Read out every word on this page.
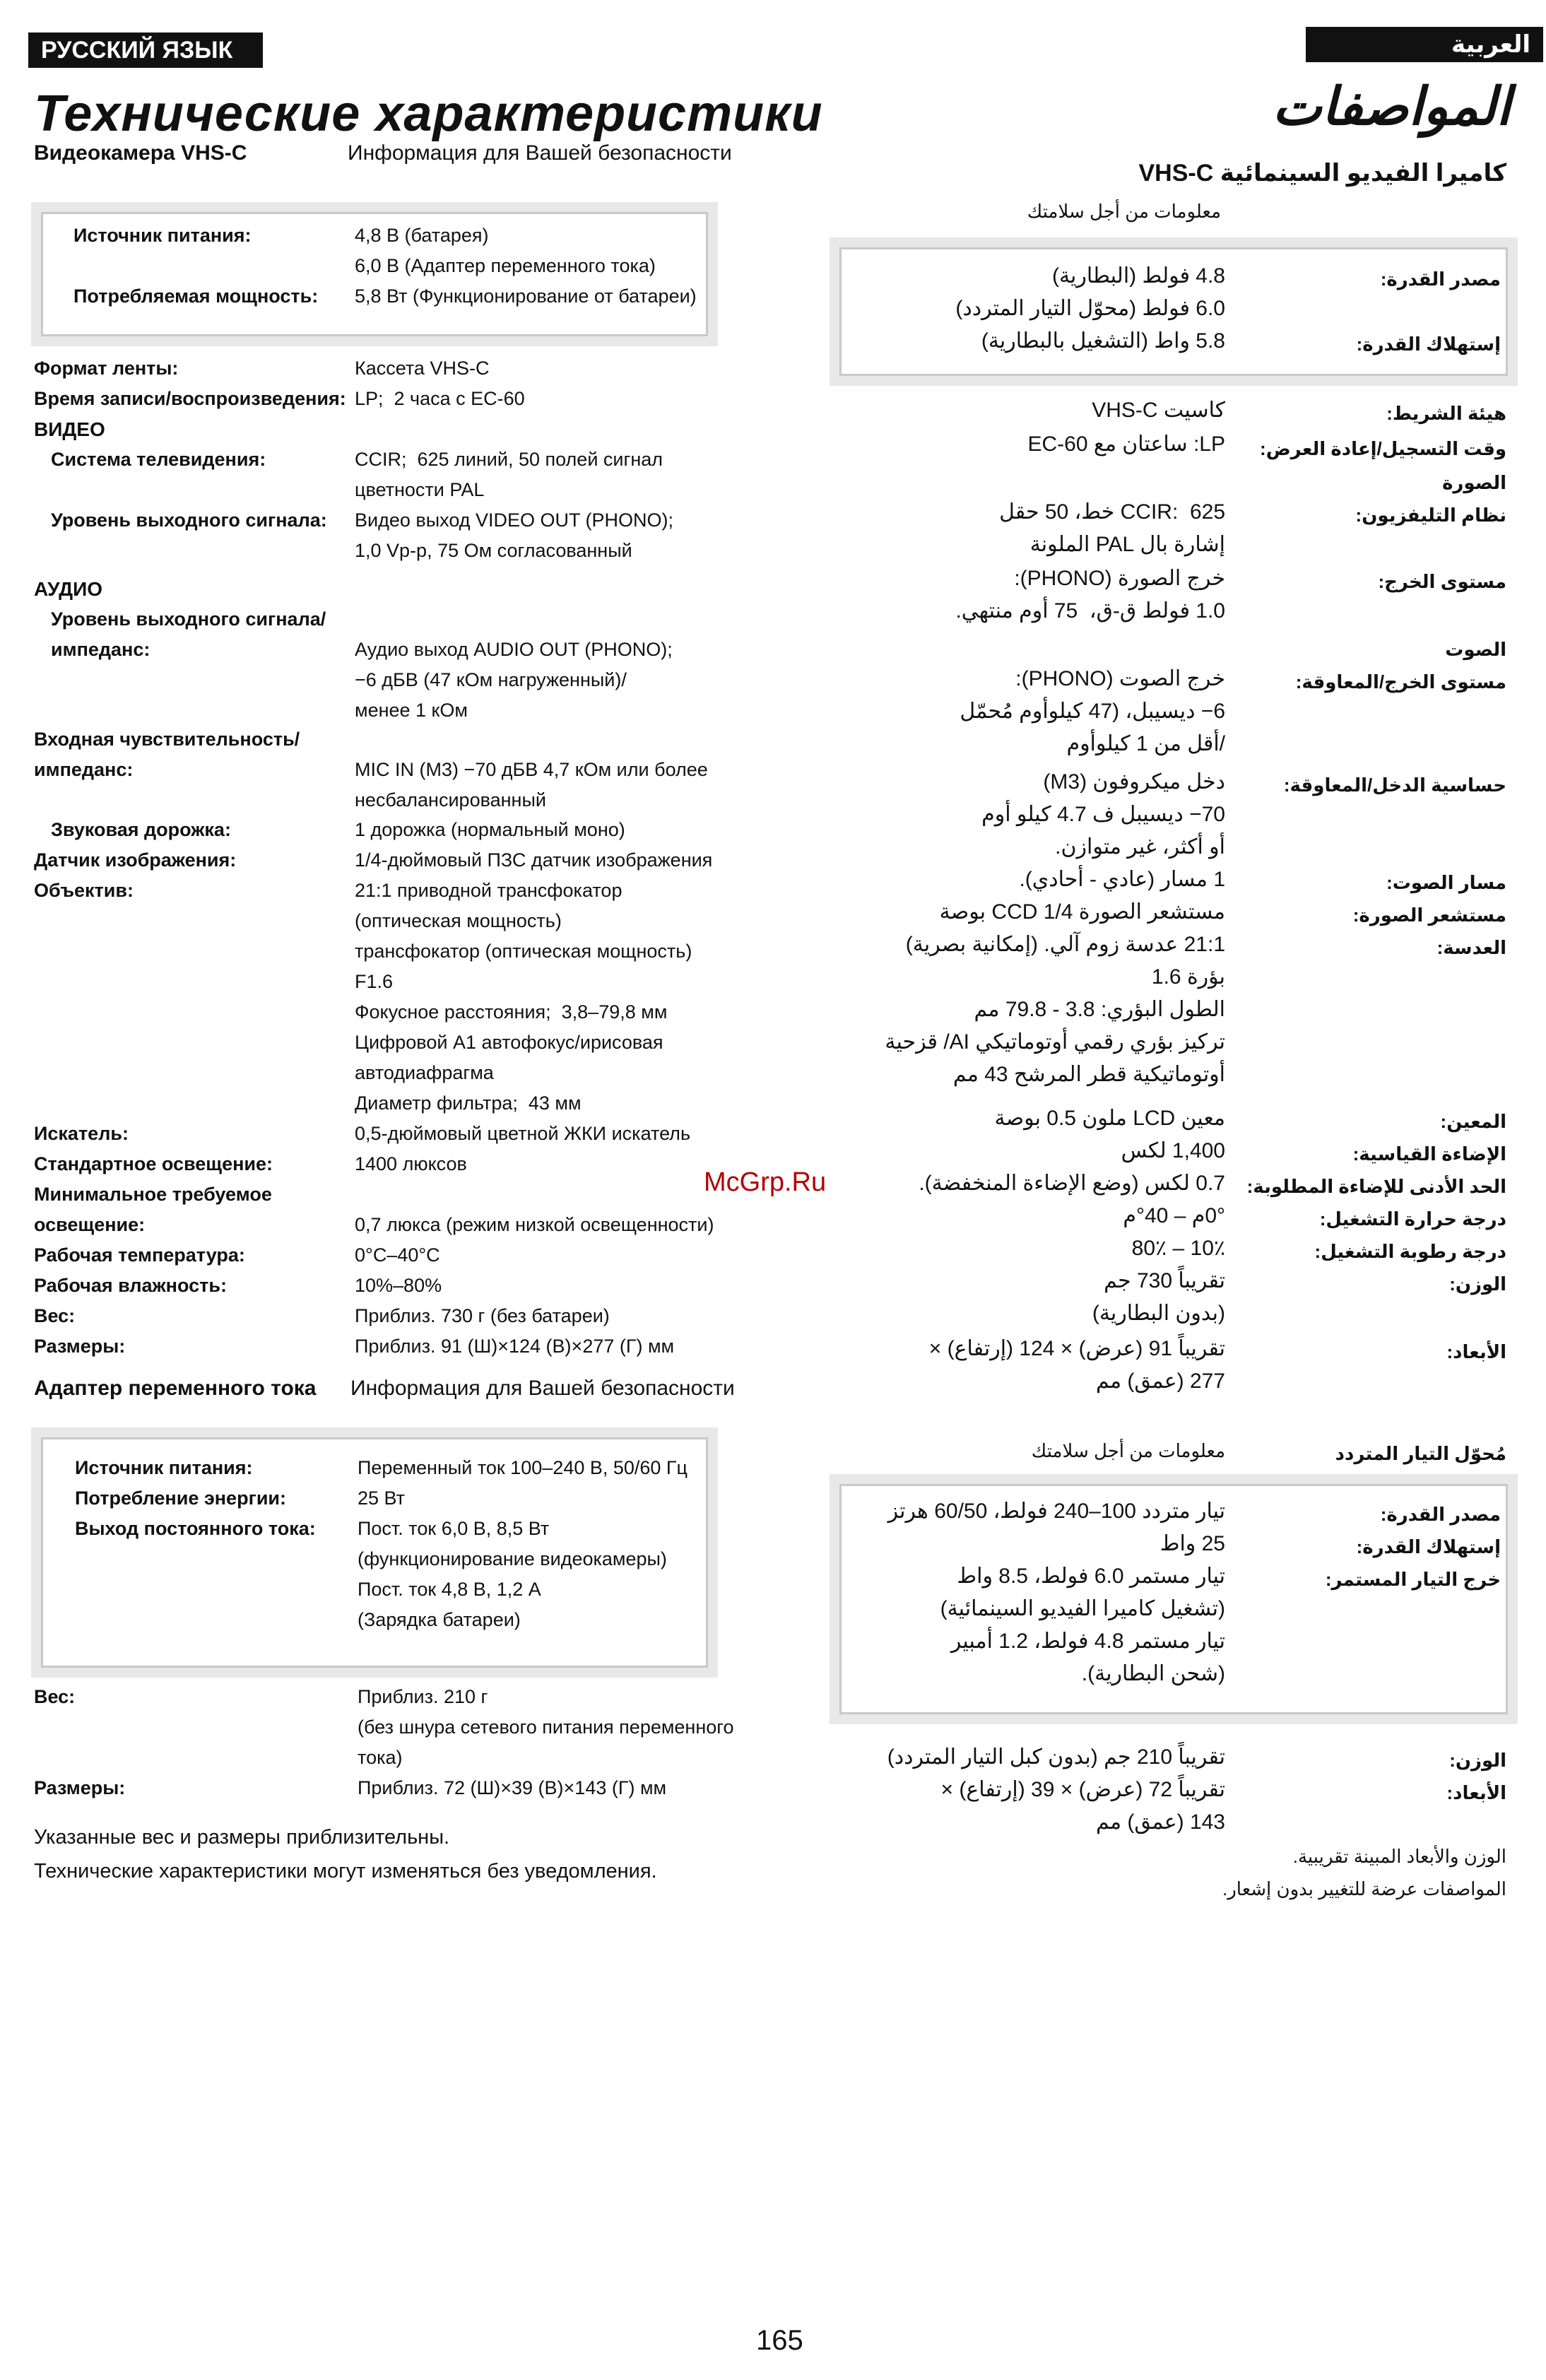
РУССКИЙ ЯЗЫК
Технические характеристики
Видеокамера VHS-C	Информация для Вашей безопасности
Источник питания:	4,8 В (батарея)
6,0 В (Адаптер переменного тока)
Потребляемая мощность: 5,8 Вт (Функционирование от батареи)
Формат ленты:	Кассета VHS-C
Время записи/воспроизведения: LP;  2 часа с EC-60
ВИДЕО
Система телевидения:	CCIR;  625 линий, 50 полей сигнал
цветности PAL
Уровень выходного сигнала: Видео выход VIDEO OUT (PHONO);
1,0 Vp-p, 75 Ом согласованный
АУДИО
Уровень выходного сигнала/
импеданс:	
Аудио выход AUDIO OUT (PHONO);
−6 дБВ (47 кОм нагруженный)/
менее 1 кОм
Входная чувствительность/
импеданс:	
MIC IN (M3) −70 дБВ 4,7 кОм или более
несбалансированный
Звуковая дорожка:	1 дорожка (нормальный моно)
Датчик изображения:	1/4-дюймовый ПЗС датчик изображения
Объектив:	21:1 приводной трансфокатор
(оптическая мощность)
трансфокатор (оптическая мощность)
F1.6
Фокусное расстояния;  3,8–79,8 мм
Цифровой A1 автофокус/ирисовая
автодиафрагма
Диаметр фильтра;  43 мм
Искатель:	0,5-дюймовый цветной ЖКИ искатель
Стандартное освещение:	1400 люксов
Минимальное требуемое
освещение:	
0,7 люкса (режим низкой освещенности)
Рабочая температура:	0°C–40°C
Рабочая влажность:	10%–80%
Вес:	Приблиз. 730 г (без батареи)
Размеры:	Приблиз. 91 (Ш)×124 (В)×277 (Г) мм
Адаптер переменного тока Информация для Вашей безопасности
Источник питания:	Переменный ток 100–240 В, 50/60 Гц
Потребление энергии:	25 Вт
Выход постоянного тока: Пост. ток 6,0 В, 8,5 Вт
(функционирование видеокамеры)
Пост. ток 4,8 В, 1,2 А
(Зарядка батареи)
Вес:	Приблиз. 210 г
(без шнура сетевого питания переменного
тока)
Размеры:	Приблиз. 72 (Ш)×39 (В)×143 (Г) мм
Указанные вес и размеры приблизительны.
Технические характеристики могут изменяться без уведомления.
العربية
المواصفات
كاميرا الفيديو السينمائية VHS-C
معلومات من أجل سلامتك
مصدر القدرة:
4.8 فولط (البطارية)
6.0 فولط (محوّل التيار المتردد)
إستهلاك القدرة:
5.8 واط (التشغيل بالبطارية)
هيئة الشريط:
كاسيت VHS-C
وقت التسجيل/إعادة العرض:
LP: ساعتان مع EC-60
الصورة
نظام التليفزيون:
CCIR:  625 خط، 50 حقل
إشارة بال PAL الملونة
مستوى الخرج:
خرج الصورة (PHONO):
1.0 فولط ق-ق،  75 أوم منتهي.
الصوت
مستوى الخرج/المعاوقة:
خرج الصوت (PHONO):
6− ديسيبل، (47 كيلوأوم مُحمّل
/أقل من 1 كيلوأوم
حساسية الدخل/المعاوقة:
دخل ميكروفون (M3)
70− ديسيبل ف 4.7 كيلو أوم
أو أكثر، غير متوازن.
مسار الصوت:
1 مسار (عادي - أحادي).
مستشعر الصورة:
مستشعر الصورة CCD 1/4 بوصة
العدسة:
21:1 عدسة زوم آلي. (إمكانية بصرية)
بؤرة 1.6
الطول البؤري: 3.8 - 79.8 مم
تركيز بؤري رقمي أوتوماتيكي AI/ قزحية
أوتوماتيكية قطر المرشح 43 مم
المعين:
معين LCD ملون 0.5 بوصة
الإضاءة القياسية:
1,400 لكس
الحد الأدنى للإضاءة المطلوبة:
0.7 لكس (وضع الإضاءة المنخفضة).
درجة حرارة التشغيل:
0°م – 40°م
درجة رطوبة التشغيل:
10٪ – 80٪
الوزن:
تقريباً 730 جم
(بدون البطارية)
الأبعاد:
تقريباً 91 (عرض) × 124 (إرتفاع) ×
277 (عمق) مم
مُحوّل التيار المتردد
معلومات من أجل سلامتك
مصدر القدرة:
تيار متردد 100–240 فولط، 60/50 هرتز
إستهلاك القدرة:
25 واط
خرج التيار المستمر:
تيار مستمر 6.0 فولط، 8.5 واط
(تشغيل كاميرا الفيديو السينمائية)
تيار مستمر 4.8 فولط، 1.2 أمبير
(شحن البطارية).
الوزن:
تقريباً 210 جم (بدون كبل التيار المتردد)
الأبعاد:
تقريباً 72 (عرض) × 39 (إرتفاع) ×
143 (عمق) مم
الوزن والأبعاد المبينة تقريبية.
المواصفات عرضة للتغيير بدون إشعار.
McGrp.Ru
165
